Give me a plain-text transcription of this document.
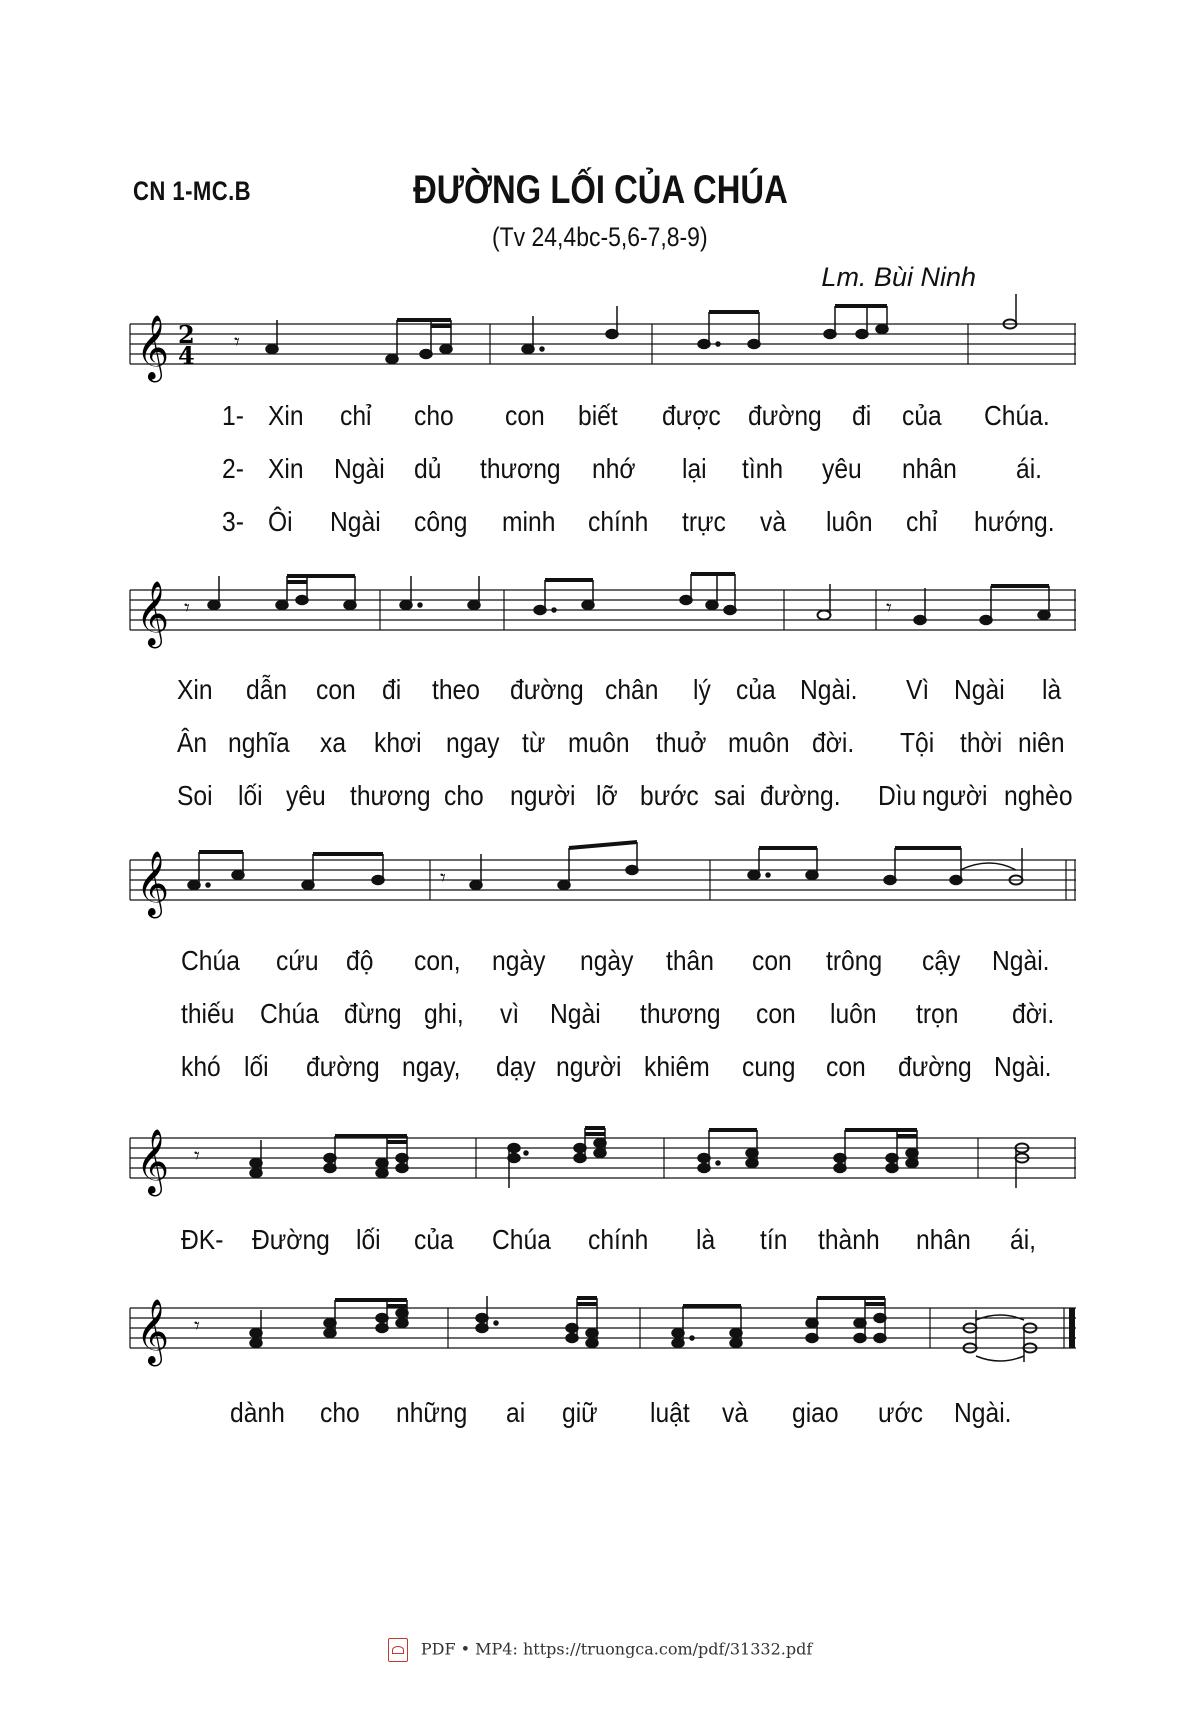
CN 1-MC.B	ĐƯỜNG LỐI CỦA CHÚA
(Tv 24,4bc-5,6-7,8-9)
Lm. Bùi Ninh
𝄞 2
4 𝄾
1- Xin chỉ cho con biết được đường đi của Chúa.
2- Xin Ngài dủ thương nhớ lại tình yêu nhân ái.
3- Ôi Ngài công minh chính trực và luôn chỉ hướng.
𝄞 𝄾	𝄾
Xin dẫn con đi theo đường chân lý của Ngài. Vì Ngài là
Ân nghĩa xa khơi ngay từ muôn thuở muôn đời. Tội thời niên
Soi lối yêu thương cho người lỡ bước sai đường. Dìu người nghèo
𝄞	𝄾
Chúa cứu độ con, ngày ngày thân con trông cậy Ngài.
thiếu Chúa đừng ghi, vì Ngài thương con luôn trọn đời.
khó lối đường ngay, dạy người khiêm cung con đường Ngài.
𝄞 𝄾
ĐK- Đường lối của Chúa chính là tín thành nhân ái,
𝄞 𝄾
dành cho những ai giữ luật và giao ước Ngài.
PDF • MP4: https://truongca.com/pdf/31332.pdf
